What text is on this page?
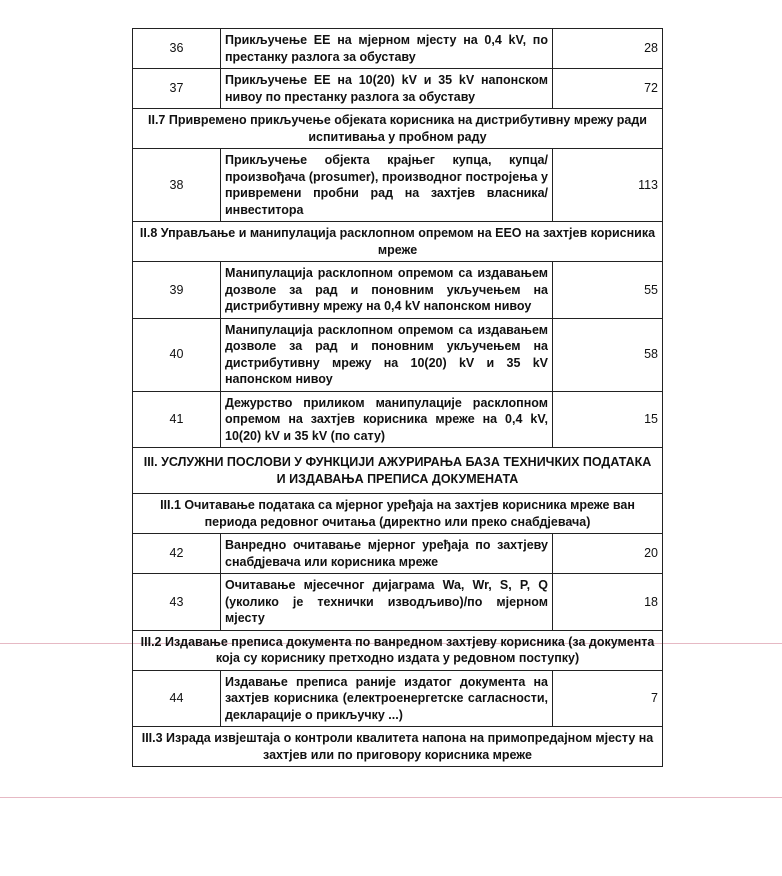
36	Прикључење ЕЕ на мјерном мјесту на 0,4 kV, по престанку разлога за обуставу	28
37	Прикључење ЕЕ на 10(20) kV и 35 kV напонском нивоу по престанку разлога за обуставу	72
II.7 Привремено прикључење објеката корисника на дистрибутивну мрежу ради испитивања у пробном раду		
38	Прикључење објекта крајњег купца, купца/произвођача (prosumer), производног постројења у привремени пробни рад на захтјев власника/инвеститора	113
II.8 Управљање и манипулација расклопном опремом на ЕЕО на захтјев корисника мреже		
39	Манипулација расклопном опремом са издавањем дозволе за рад и поновним укључењем на дистрибутивну мрежу на 0,4 kV напонском нивоу	55
40	Манипулација расклопном опремом са издавањем дозволе за рад и поновним укључењем на дистрибутивну мрежу на 10(20) kV и 35 kV напонском нивоу	58
41	Дежурство приликом манипулације расклопном опремом на захтјев корисника мреже на 0,4 kV, 10(20) kV и 35 kV (по сату)	15
III. УСЛУЖНИ ПОСЛОВИ У ФУНКЦИЈИ АЖУРИРАЊА БАЗА ТЕХНИЧКИХ ПОДАТАКА И ИЗДАВАЊА ПРЕПИСА ДОКУМЕНАТА		
III.1 Очитавање података са мјерног уређаја на захтјев корисника мреже ван периода редовног очитања (директно или преко снабдјевача)		
42	Ванредно очитавање мјерног уређаја по захтјеву снабдјевача или корисника мреже	20
43	Очитавање мјесечног дијаграма Wa, Wr, S, P, Q (уколико је технички изводљиво)/по мјерном мјесту	18
III.2 Издавање преписа документа по ванредном захтјеву корисника (за документа која су кориснику претходно издата у редовном поступку)		
44	Издавање преписа раније издатог документа на захтјев корисника (електроенергетске сагласности, декларације о прикључку ...)	7
III.3 Израда извјештаја о контроли квалитета напона на примопредајном мјесту на захтјев или по приговору корисника мреже		
